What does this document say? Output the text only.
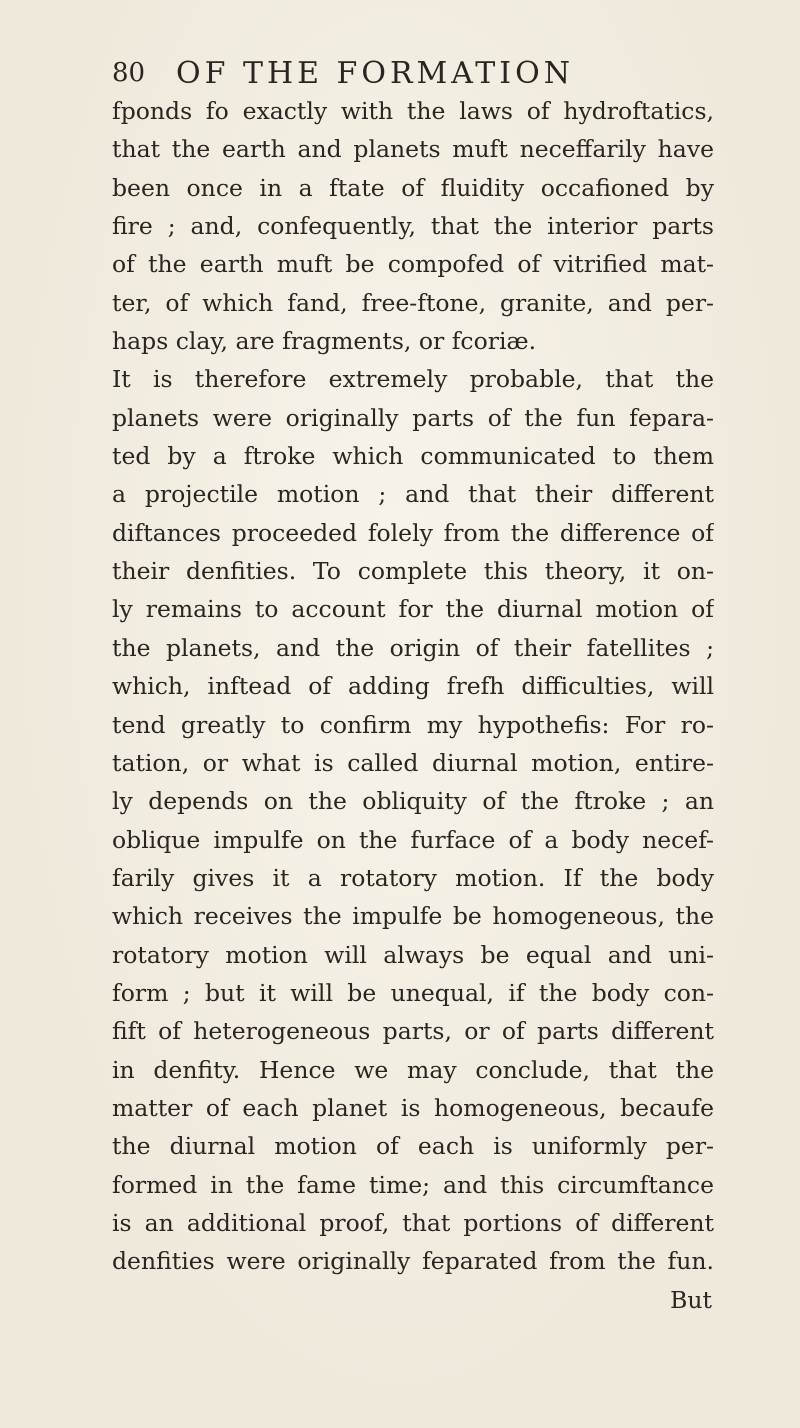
80 OF THE FORMATION
fponds fo exactly with the laws of hydroftatics,
that the earth and planets muft neceffarily have
been once in a ftate of fluidity occafioned by
fire ; and, confequently, that the interior parts
of the earth muft be compofed of vitrified mat-
ter, of which fand, free-ftone, granite, and per-
haps clay, are fragments, or fcoriæ.
It is therefore extremely probable, that the
planets were originally parts of the fun fepara-
ted by a ftroke which communicated to them
a projectile motion ; and that their different
diftances proceeded folely from the difference of
their denfities. To complete this theory, it on-
ly remains to account for the diurnal motion of
the planets, and the origin of their fatellites ;
which, inftead of adding frefh difficulties, will
tend greatly to confirm my hypothefis: For ro-
tation, or what is called diurnal motion, entire-
ly depends on the obliquity of the ftroke ; an
oblique impulfe on the furface of a body necef-
farily gives it a rotatory motion. If the body
which receives the impulfe be homogeneous, the
rotatory motion will always be equal and uni-
form ; but it will be unequal, if the body con-
fift of heterogeneous parts, or of parts different
in denfity. Hence we may conclude, that the
matter of each planet is homogeneous, becaufe
the diurnal motion of each is uniformly per-
formed in the fame time; and this circumftance
is an additional proof, that portions of different
denfities were originally feparated from the fun.
But
